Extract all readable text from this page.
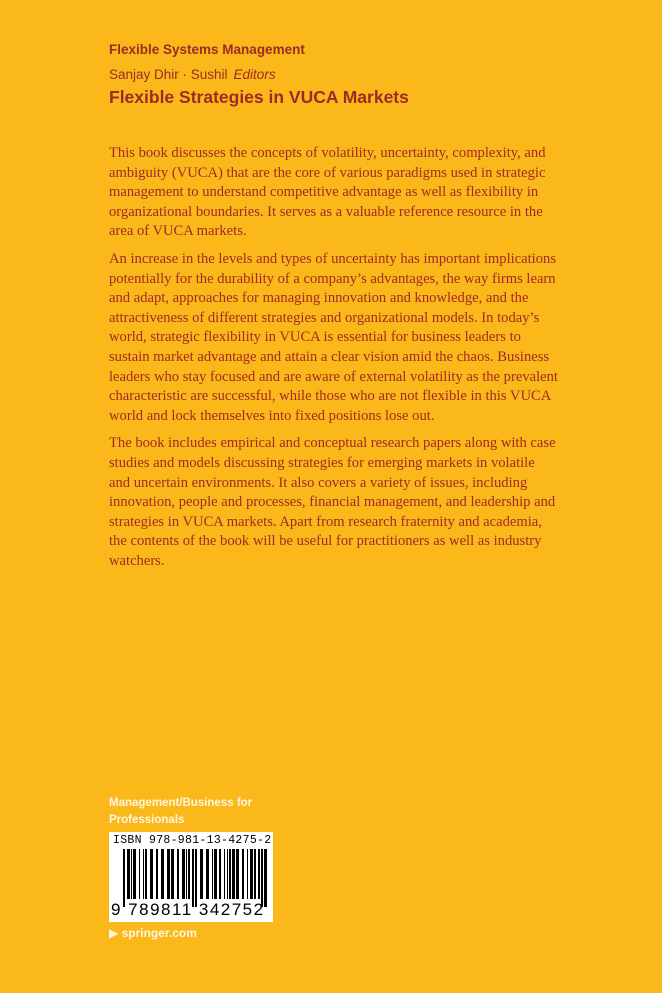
Flexible Systems Management
Sanjay Dhir · Sushil Editors
Flexible Strategies in VUCA Markets

This book discusses the concepts of volatility, uncertainty, complexity, and ambiguity (VUCA) that are the core of various paradigms used in strategic management to understand competitive advantage as well as flexibility in organizational boundaries. It serves as a valuable reference resource in the area of VUCA markets.

An increase in the levels and types of uncertainty has important implications potentially for the durability of a company’s advantages, the way firms learn and adapt, approaches for managing innovation and knowledge, and the attractiveness of different strategies and organizational models. In today’s world, strategic flexibility in VUCA is essential for business leaders to sustain market advantage and attain a clear vision amid the chaos. Business leaders who stay focused and are aware of external volatility as the prevalent characteristic are successful, while those who are not flexible in this VUCA world and lock themselves into fixed positions lose out.

The book includes empirical and conceptual research papers along with case studies and models discussing strategies for emerging markets in volatile and uncertain environments. It also covers a variety of issues, including innovation, people and processes, financial management, and leadership and strategies in VUCA markets. Apart from research fraternity and academia, the contents of the book will be useful for practitioners as well as industry watchers.

Management/Business for Professionals
ISBN 978-981-13-4275-2
9 789811 342752
▶ springer.com
